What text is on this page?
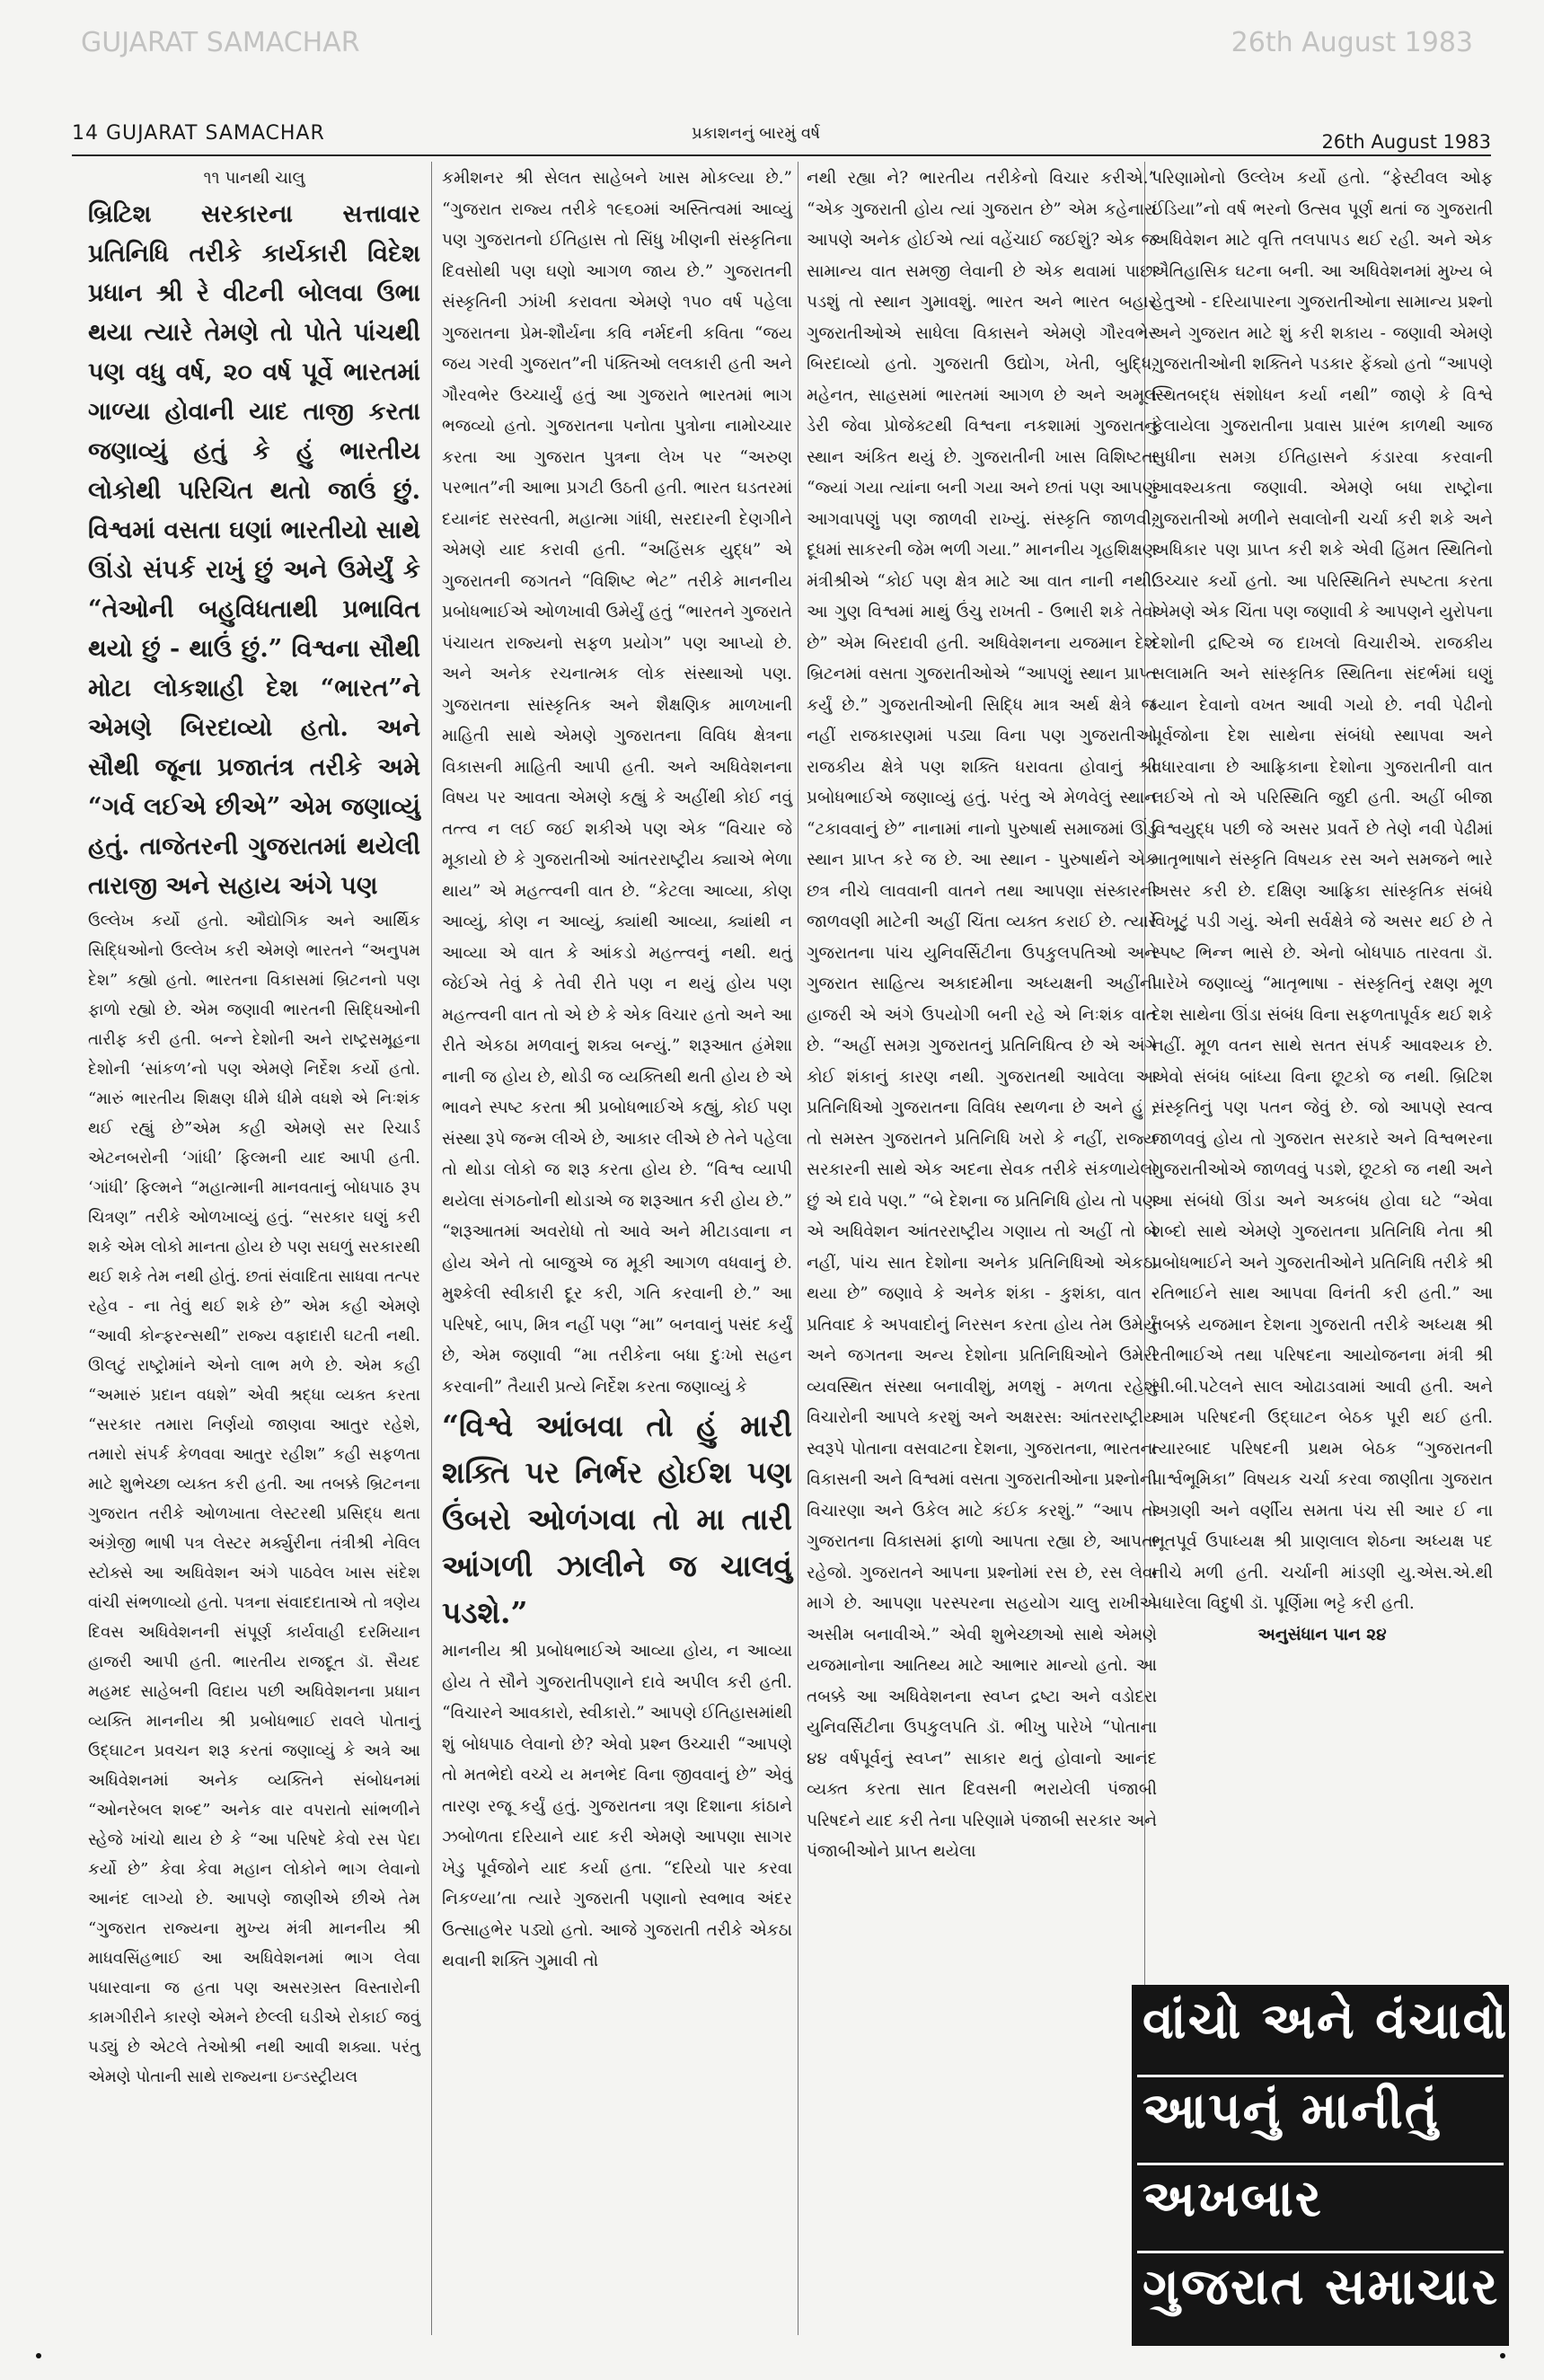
GUJARAT SAMACHAR	26th August 1983
14 GUJARAT SAMACHAR	પ્રકાશનનું બારમું વર્ષ	26th August 1983

૧૧ પાનથી ચાલુ

બ્રિટિશ સરકારના સત્તાવાર પ્રતિનિધિ તરીકે કાર્યકારી વિદેશ પ્રધાન શ્રી રે વીટની બોલવા ઉભા થયા ત્યારે તેમણે તો પોતે પાંચથી પણ વધુ વર્ષ, ૨૦ વર્ષ પૂર્વે ભારતમાં ગાળ્યા હોવાની યાદ તાજી કરતા જણાવ્યું હતું કે હું ભારતીય લોકોથી પરિચિત થતો જાઉં છું. વિશ્વમાં વસતા ઘણાં ભારતીયો સાથે ઊંડો સંપર્ક રાખું છું અને ઉમેર્યું કે “તેઓની બહુવિધતાથી પ્રભાવિત થયો છું - થાઉં છું.” વિશ્વના સૌથી મોટા લોકશાહી દેશ “ભારત”ને એમણે બિરદાવ્યો હતો. અને સૌથી જૂના પ્રજાતંત્ર તરીકે અમે “ગર્વ લઈએ છીએ” એમ જણાવ્યું હતું. તાજેતરની ગુજરાતમાં થયેલી તારાજી અને સહાય અંગે પણ

ઉલ્લેખ કર્યો હતો. ઔદ્યોગિક અને આર્થિક સિદ્ધિઓનો ઉલ્લેખ કરી એમણે ભારતને “અનુપમ દેશ” કહ્યો હતો. ભારતના વિકાસમાં બ્રિટનનો પણ ફાળો રહ્યો છે. એમ જણાવી ભારતની સિદ્ધિઓની તારીફ કરી હતી. બન્ને દેશોની અને રાષ્ટ્રસમૂહના દેશોની ‘સાંકળ’નો પણ એમણે નિર્દેશ કર્યો હતો. “મારું ભારતીય શિક્ષણ ધીમે ધીમે વધશે એ નિઃશંક થઈ રહ્યું છે”એમ કહી એમણે સર રિચાર્ડ એટનબરોની ‘ગાંધી’ ફિલ્મની યાદ આપી હતી. ‘ગાંધી’ ફિલ્મને “મહાત્માની માનવતાનું બોધપાઠ રૂપ ચિત્રણ” તરીકે ઓળખાવ્યું હતું. “સરકાર ઘણું કરી શકે એમ લોકો માનતા હોય છે પણ સઘળું સરકારથી થઈ શકે તેમ નથી હોતું. છતાં સંવાદિતા સાધવા તત્પર રહેવ - ના તેવું થઈ શકે છે” એમ કહી એમણે “આવી કોન્ફરન્સથી” રાજ્ય વફાદારી ઘટતી નથી. ઊલટું રાષ્ટ્રોમાંને એનો લાભ મળે છે. એમ કહી “અમારું પ્રદાન વધશે” એવી શ્રદ્ધા વ્યક્ત કરતા “સરકાર તમારા નિર્ણયો જાણવા આતુર રહેશે, તમારો સંપર્ક કેળવવા આતુર રહીશ” કહી સફળતા માટે શુભેચ્છા વ્યક્ત કરી હતી. આ તબક્કે બ્રિટનના ગુજરાત તરીકે ઓળખાતા લેસ્ટરથી પ્રસિદ્ધ થતા અંગ્રેજી ભાષી પત્ર લેસ્ટર મર્ક્યુરીના તંત્રીશ્રી નેવિલ સ્ટોક્સે આ અધિવેશન અંગે પાઠવેલ ખાસ સંદેશ વાંચી સંભળાવ્યો હતો. પત્રના સંવાદદાતાએ તો ત્રણેય દિવસ અધિવેશનની સંપૂર્ણ કાર્યવાહી દરમિયાન હાજરી આપી હતી. ભારતીય રાજદૂત ડૉ. સૈયદ મહમદ સાહેબની વિદાય પછી અધિવેશનના પ્રધાન વ્યક્તિ માનનીય શ્રી પ્રબોધભાઈ રાવલે પોતાનું ઉદ્ઘાટન પ્રવચન શરૂ કરતાં જણાવ્યું કે અત્રે આ અધિવેશનમાં અનેક વ્યક્તિને સંબોધનમાં “ઓનરેબલ શબ્દ” અનેક વાર વપરાતો સાંભળીને સ્હેજે ખાંચો થાય છે કે “આ પરિષદે કેવો રસ પેદા કર્યો છે” કેવા કેવા મહાન લોકોને ભાગ લેવાનો આનંદ લાગ્યો છે. આપણે જાણીએ છીએ તેમ “ગુજરાત રાજ્યના મુખ્ય મંત્રી માનનીય શ્રી માધવસિંહભાઈ આ અધિવેશનમાં ભાગ લેવા પધારવાના જ હતા પણ અસરગ્રસ્ત વિસ્તારોની કામગીરીને કારણે એમને છેલ્લી ઘડીએ રોકાઈ જવું પડ્યું છે એટલે તેઓશ્રી નથી આવી શક્યા. પરંતુ એમણે પોતાની સાથે રાજ્યના ઇન્ડસ્ટ્રીયલ

કમીશનર શ્રી સેલત સાહેબને ખાસ મોકલ્યા છે.” “ગુજરાત રાજ્ય તરીકે ૧૯૬૦માં અસ્તિત્વમાં આવ્યું પણ ગુજરાતનો ઈતિહાસ તો સિંધુ ખીણની સંસ્કૃતિના દિવસોથી પણ ઘણો આગળ જાય છે.” ગુજરાતની સંસ્કૃતિની ઝાંખી કરાવતા એમણે ૧૫૦ વર્ષ પહેલા ગુજરાતના પ્રેમ-શૌર્યના કવિ નર્મદની કવિતા “જય જય ગરવી ગુજરાત”ની પંક્તિઓ લલકારી હતી અને ગૌરવભેર ઉચ્ચાર્યું હતું આ ગુજરાતે ભારતમાં ભાગ ભજવ્યો હતો. ગુજરાતના પનોતા પુત્રોના નામોચ્ચાર કરતા આ ગુજરાત પુત્રના લેખ પર “અરુણ પરભાત”ની આભા પ્રગટી ઉઠતી હતી. ભારત ઘડતરમાં દયાનંદ સરસ્વતી, મહાત્મા ગાંધી, સરદારની દેણગીને એમણે યાદ કરાવી હતી. “અહિંસક યુદ્ધ” એ ગુજરાતની જગતને “વિશિષ્ટ ભેટ” તરીકે માનનીય પ્રબોધભાઈએ ઓળખાવી ઉમેર્યું હતું “ભારતને ગુજરાતે પંચાયત રાજ્યનો સફળ પ્રયોગ” પણ આપ્યો છે. અને અનેક રચનાત્મક લોક સંસ્થાઓ પણ. ગુજરાતના સાંસ્કૃતિક અને શૈક્ષણિક માળખાની માહિતી સાથે એમણે ગુજરાતના વિવિધ ક્ષેત્રના વિકાસની માહિતી આપી હતી. અને અધિવેશનના વિષય પર આવતા એમણે કહ્યું કે અહીંથી કોઈ નવું તત્ત્વ ન લઈ જઈ શકીએ પણ એક “વિચાર જે મૂકાયો છે કે ગુજરાતીઓ આંતરરાષ્ટ્રીય ક્યાએ ભેળા થાય” એ મહત્ત્વની વાત છે. “કેટલા આવ્યા, કોણ આવ્યું, કોણ ન આવ્યું, ક્યાંથી આવ્યા, ક્યાંથી ન આવ્યા એ વાત કે આંકડો મહત્ત્વનું નથી. થતું જેઈએ તેવું કે તેવી રીતે પણ ન થયું હોય પણ મહત્ત્વની વાત તો એ છે કે એક વિચાર હતો અને આ રીતે એકઠા મળવાનું શક્ય બન્યું.” શરૂઆત હંમેશા નાની જ હોય છે, થોડી જ વ્યક્તિથી થતી હોય છે એ ભાવને સ્પષ્ટ કરતા શ્રી પ્રબોધભાઈએ કહ્યું, કોઈ પણ સંસ્થા રૂપે જન્મ લીએ છે, આકાર લીએ છે તેને પહેલા તો થોડા લોકો જ શરૂ કરતા હોય છે. “વિશ્વ વ્યાપી થયેલા સંગઠનોની થોડાએ જ શરૂઆત કરી હોય છે.” “શરૂઆતમાં અવરોધો તો આવે અને મીટાડવાના ન હોય એને તો બાજુએ જ મૂકી આગળ વધવાનું છે. મુશ્કેલી સ્વીકારી દૂર કરી, ગતિ કરવાની છે.” આ પરિષદે, બાપ, મિત્ર નહીં પણ “મા” બનવાનું પસંદ કર્યું છે, એમ જણાવી “મા તરીકેના બધા દુઃખો સહન કરવાની” તૈયારી પ્રત્યે નિર્દેશ કરતા જણાવ્યું કે

“વિશ્વે આંબવા તો હું મારી શક્તિ પર નિર્ભર હોઈશ પણ ઉંબરો ઓળંગવા તો મા તારી આંગળી ઝાલીને જ ચાલવું પડશે.”

માનનીય શ્રી પ્રબોધભાઈએ આવ્યા હોય, ન આવ્યા હોય તે સૌને ગુજરાતીપણાને દાવે અપીલ કરી હતી. “વિચારને આવકારો, સ્વીકારો.” આપણે ઈતિહાસમાંથી શું બોધપાઠ લેવાનો છે? એવો પ્રશ્ન ઉચ્ચારી “આપણે તો મતભેદો વચ્ચે ય મનભેદ વિના જીવવાનું છે” એવું તારણ રજૂ કર્યું હતું. ગુજરાતના ત્રણ દિશાના કાંઠાને ઝબોળતા દરિયાને યાદ કરી એમણે આપણા સાગર ખેડુ પૂર્વજોને યાદ કર્યા હતા. “દરિયો પાર કરવા નિકળ્યા’તા ત્યારે ગુજરાતી પણાનો સ્વભાવ અંદર ઉત્સાહભેર પડ્યો હતો. આજે ગુજરાતી તરીકે એકઠા થવાની શક્તિ ગુમાવી તો

નથી રહ્યા ને? ભારતીય તરીકેનો વિચાર કરીએ.” “એક ગુજરાતી હોય ત્યાં ગુજરાત છે” એમ કહેનારા આપણે અનેક હોઈએ ત્યાં વહેંચાઈ જઈશું? એક જ સામાન્ય વાત સમજી લેવાની છે એક થવામાં પાછા પડશું તો સ્થાન ગુમાવશું. ભારત અને ભારત બહાર ગુજરાતીઓએ સાધેલા વિકાસને એમણે ગૌરવભેર બિરદાવ્યો હતો. ગુજરાતી ઉદ્યોગ, ખેતી, બુદ્ધિ, મહેનત, સાહસમાં ભારતમાં આગળ છે અને અમૂલ ડેરી જેવા પ્રોજેક્ટથી વિશ્વના નકશામાં ગુજરાતનું સ્થાન અંકિત થયું છે. ગુજરાતીની ખાસ વિશિષ્ટતા “જ્યાં ગયા ત્યાંના બની ગયા અને છતાં પણ આપણું આગવાપણું પણ જાળવી રાખ્યું. સંસ્કૃતિ જાળવી; દૂધમાં સાકરની જેમ ભળી ગયા.” માનનીય ગૃહશિક્ષણ મંત્રીશ્રીએ “કોઈ પણ ક્ષેત્ર માટે આ વાત નાની નથી. આ ગુણ વિશ્વમાં માથું ઉંચુ રાખતી - ઉભારી શકે તેવો છે” એમ બિરદાવી હતી. અધિવેશનના યજમાન દેશ બ્રિટનમાં વસતા ગુજરાતીઓએ “આપણું સ્થાન પ્રાપ્ત કર્યું છે.” ગુજરાતીઓની સિદ્ધિ માત્ર અર્થ ક્ષેત્રે જ નહીં રાજકારણમાં પડ્યા વિના પણ ગુજરાતીઓ રાજકીય ક્ષેત્રે પણ શક્તિ ધરાવતા હોવાનું શ્રી પ્રબોધભાઈએ જણાવ્યું હતું. પરંતુ એ મેળવેલું સ્થાન “ટકાવવાનું છે” નાનામાં નાનો પુરુષાર્થ સમાજમાં ઊંડું સ્થાન પ્રાપ્ત કરે જ છે. આ સ્થાન - પુરુષાર્થને એક છત્ર નીચે લાવવાની વાતને તથા આપણા સંસ્કારની જાળવણી માટેની અહીં ચિંતા વ્યક્ત કરાઈ છે. ત્યારે ગુજરાતના પાંચ યુનિવર્સિટીના ઉપકુલપતિઓ અને ગુજરાત સાહિત્ય અકાદમીના અધ્યક્ષની અહીંની હાજરી એ અંગે ઉપયોગી બની રહે એ નિઃશંક વાત છે. “અહીં સમગ્ર ગુજરાતનું પ્રતિનિધિત્વ છે એ અંગે કોઈ શંકાનું કારણ નથી. ગુજરાતથી આવેલા આ પ્રતિનિધિઓ ગુજરાતના વિવિધ સ્થળના છે અને હું , તો સમસ્ત ગુજરાતને પ્રતિનિધિ ખરો કે નહીં, રાજ્ય સરકારની સાથે એક અદના સેવક તરીકે સંકળાયેલો છું એ દાવે પણ.” “બે દેશના જ પ્રતિનિધિ હોય તો પણ એ અધિવેશન આંતરરાષ્ટ્રીય ગણાય તો અહીં તો બે નહીં, પાંચ સાત દેશોના અનેક પ્રતિનિધિઓ એકઠા થયા છે” જણાવે કે અનેક શંકા - કુશંકા, વાત - પ્રતિવાદ કે અપવાદોનું નિરસન કરતા હોય તેમ ઉમેર્યું અને જગતના અન્ય દેશોના પ્રતિનિધિઓને ઉમેરી વ્યવસ્થિત સંસ્થા બનાવીશું, મળશું - મળતા રહેશું વિચારોની આપલે કરશું અને અક્ષરસ: આંતરરાષ્ટ્રીય સ્વરૂપે પોતાના વસવાટના દેશના, ગુજરાતના, ભારતના વિકાસની અને વિશ્વમાં વસતા ગુજરાતીઓના પ્રશ્નોની વિચારણા અને ઉકેલ માટે કંઈક કરશું.” “આપ તો ગુજરાતના વિકાસમાં ફાળો આપતા રહ્યા છે, આપતા રહેજો. ગુજરાતને આપના પ્રશ્નોમાં રસ છે, રસ લેવા માગે છે. આપણા પરસ્પરના સહયોગ ચાલુ રાખીએ અસીમ બનાવીએ.” એવી શુભેચ્છાઓ સાથે એમણે યજમાનોના આતિથ્ય માટે આભાર માન્યો હતો. આ તબક્કે આ અધિવેશનના સ્વપ્ન દ્રષ્ટા અને વડોદરા યુનિવર્સિટીના ઉપકુલપતિ ડૉ. ભીખુ પારેખે “પોતાના ૪૪ વર્ષપૂર્વનું સ્વપ્ન” સાકાર થતું હોવાનો આનંદ વ્યક્ત કરતા સાત દિવસની ભરાયેલી પંજાબી પરિષદને યાદ કરી તેના પરિણામે પંજાબી સરકાર અને પંજાબીઓને પ્રાપ્ત થયેલા

પરિણામોનો ઉલ્લેખ કર્યો હતો. “ફેસ્ટીવલ ઓફ ઈંડિયા”નો વર્ષ ભરનો ઉત્સવ પૂર્ણ થતાં જ ગુજરાતી અધિવેશન માટે વૃત્તિ તલપાપડ થઈ રહી. અને એક ઐતિહાસિક ઘટના બની. આ અધિવેશનમાં મુખ્ય બે હેતુઓ - દરિયાપારના ગુજરાતીઓના સામાન્ય પ્રશ્નો અને ગુજરાત માટે શું કરી શકાય - જણાવી એમણે ગુજરાતીઓની શક્તિને પડકાર ફેંક્યો હતો “આપણે સ્થિતબદ્ધ સંશોધન કર્યા નથી” જાણે કે વિશ્વે ફેલાયેલા ગુજરાતીના પ્રવાસ પ્રારંભ કાળથી આજ સુધીના સમગ્ર ઈતિહાસને કંડારવા કરવાની આવશ્યકતા જણાવી. એમણે બધા રાષ્ટ્રોના ગુજરાતીઓ મળીને સવાલોની ચર્ચા કરી શકે અને અધિકાર પણ પ્રાપ્ત કરી શકે એવી હિંમત સ્થિતિનો ઉચ્ચાર કર્યો હતો. આ પરિસ્થિતિને સ્પષ્ટતા કરતા એમણે એક ચિંતા પણ જણાવી કે આપણને યુરોપના દેશોની દ્રષ્ટિએ જ દાખલો વિચારીએ. રાજકીય સલામતિ અને સાંસ્કૃતિક સ્થિતિના સંદર્ભમાં ઘણું ધ્યાન દેવાનો વખત આવી ગયો છે. નવી પેઢીનો પૂર્વજોના દેશ સાથેના સંબંધો સ્થાપવા અને વધારવાના છે આફ્રિકાના દેશોના ગુજરાતીની વાત લઈએ તો એ પરિસ્થિતિ જુદી હતી. અહીં બીજા વિશ્વયુદ્ધ પછી જે અસર પ્રવર્તે છે તેણે નવી પેઢીમાં માતૃભાષાને સંસ્કૃતિ વિષયક રસ અને સમજને ભારે અસર કરી છે. દક્ષિણ આફ્રિકા સાંસ્કૃતિક સંબંધે વિખૂટું પડી ગયું. એની સર્વક્ષેત્રે જે અસર થઈ છે તે સ્પષ્ટ ભિન્ન ભાસે છે. એનો બોધપાઠ તારવતા ડૉ. પારેખે જણાવ્યું “માતૃભાષા - સંસ્કૃતિનું રક્ષણ મૂળ દેશ સાથેના ઊંડા સંબંધ વિના સફળતાપૂર્વક થઈ શકે નહીં. મૂળ વતન સાથે સતત સંપર્ક આવશ્યક છે. એવો સંબંધ બાંધ્યા વિના છૂટકો જ નથી. બ્રિટિશ સંસ્કૃતિનું પણ પતન જેવું છે. જો આપણે સ્વત્વ જાળવવું હોય તો ગુજરાત સરકારે અને વિશ્વભરના ગુજરાતીઓએ જાળવવું પડશે, છૂટકો જ નથી અને આ સંબંધો ઊંડા અને અકબંધ હોવા ઘટે “એવા શબ્દો સાથે એમણે ગુજરાતના પ્રતિનિધિ નેતા શ્રી પ્રબોધભાઈને અને ગુજરાતીઓને પ્રતિનિધિ તરીકે શ્રી રતિભાઈને સાથ આપવા વિનંતી કરી હતી.” આ તબક્કે યજમાન દેશના ગુજરાતી તરીકે અધ્યક્ષ શ્રી રતીભાઈએ તથા પરિષદના આયોજનના મંત્રી શ્રી સી.બી.પટેલને સાલ ઓઢાડવામાં આવી હતી. અને આમ પરિષદની ઉદ્ઘાટન બેઠક પૂરી થઈ હતી. ત્યારબાદ પરિષદની પ્રથમ બેઠક “ગુજરાતની પાર્શ્વભૂમિકા” વિષયક ચર્ચા કરવા જાણીતા ગુજરાત અગ્રણી અને વર્ણીય સમતા પંચ સી આર ઈ ના ભૂતપૂર્વ ઉપાધ્યક્ષ શ્રી પ્રાણલાલ શેઠના અધ્યક્ષ પદ નીચે મળી હતી. ચર્ચાની માંડણી યુ.એસ.એ.થી પધારેલા વિદુષી ડૉ. પૂર્ણિમા ભટ્ટે કરી હતી.

અનુસંધાન પાન ૨૪

વાંચો અને વંચાવો
આપનું માનીતું
અખબાર
ગુજરાત સમાચાર
